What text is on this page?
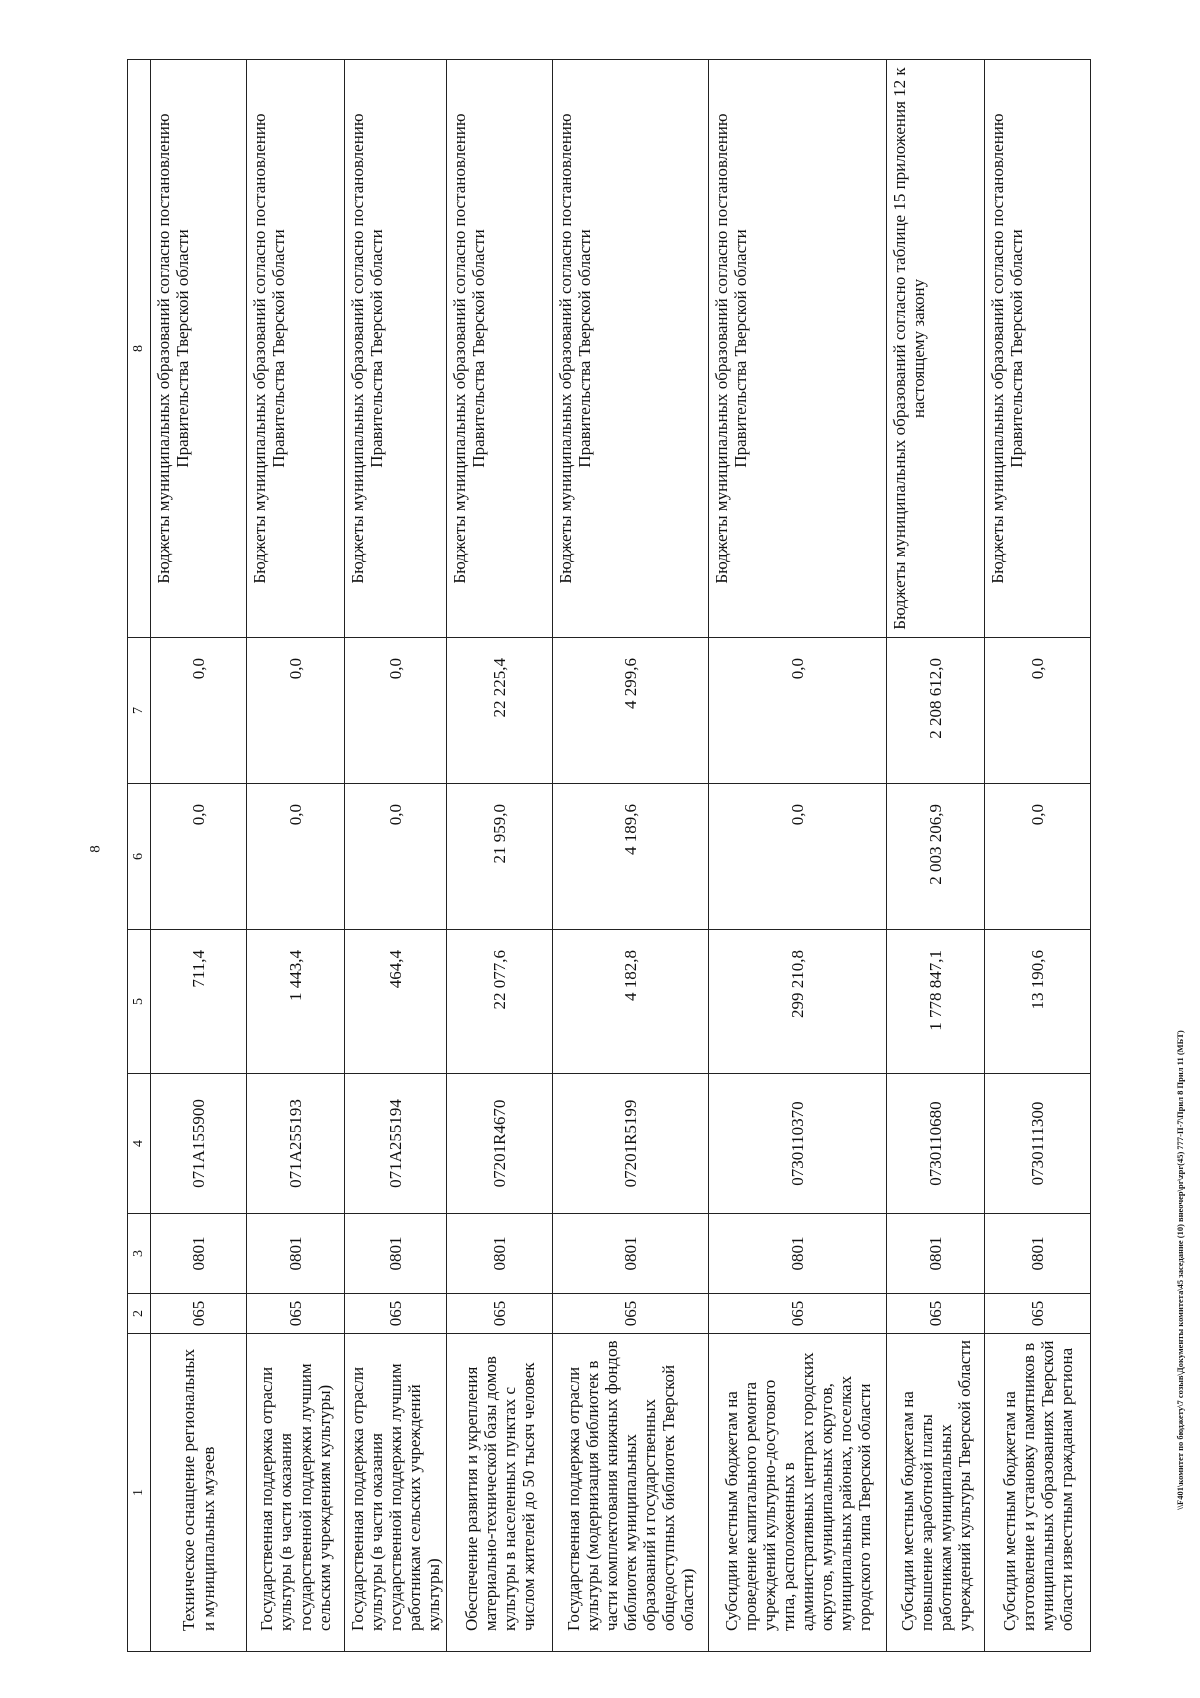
8
1	2	3	4	5	6	7	8
Техническое оснащение региональных и муниципальных музеев	065	0801	071A155900	711,4	0,0	0,0	Бюджеты муниципальных образований согласно постановлению Правительства Тверской области
Государственная поддержка отрасли культуры (в части оказания государственной поддержки лучшим сельским учреждениям культуры)	065	0801	071A255193	1 443,4	0,0	0,0	Бюджеты муниципальных образований согласно постановлению Правительства Тверской области
Государственная поддержка отрасли культуры (в части оказания государственной поддержки лучшим работникам сельских учреждений культуры)	065	0801	071A255194	464,4	0,0	0,0	Бюджеты муниципальных образований согласно постановлению Правительства Тверской области
Обеспечение развития и укрепления материально-технической базы домов культуры в населенных пунктах с числом жителей до 50 тысяч человек	065	0801	07201R4670	22 077,6	21 959,0	22 225,4	Бюджеты муниципальных образований согласно постановлению Правительства Тверской области
Государственная поддержка отрасли культуры (модернизация библиотек в части комплектования книжных фондов библиотек муниципальных образований и государственных общедоступных библиотек Тверской области)	065	0801	07201R5199	4 182,8	4 189,6	4 299,6	Бюджеты муниципальных образований согласно постановлению Правительства Тверской области
Субсидии местным бюджетам на проведение капитального ремонта учреждений культурно-досугового типа, расположенных в административных центрах городских округов, муниципальных округов, муниципальных районах, поселках городского типа Тверской области	065	0801	0730110370	299 210,8	0,0	0,0	Бюджеты муниципальных образований согласно постановлению Правительства Тверской области
Субсидии местным бюджетам на повышение заработной платы работникам муниципальных учреждений культуры Тверской области	065	0801	0730110680	1 778 847,1	2 003 206,9	2 208 612,0	Бюджеты муниципальных образований согласно таблице 15 приложения 12 к настоящему закону
Субсидии местным бюджетам на изготовление и установку памятников в муниципальных образованиях Тверской области известным гражданам региона	065	0801	0730111300	13 190,6	0,0	0,0	Бюджеты муниципальных образований согласно постановлению Правительства Тверской области
\\F401\комитет по бюджету\7 созыв\Документы комитета\45 заседание (10) внеочер\pr\zpr(45) 777-П-7\Прил 8 Прил 11 (МБТ)
